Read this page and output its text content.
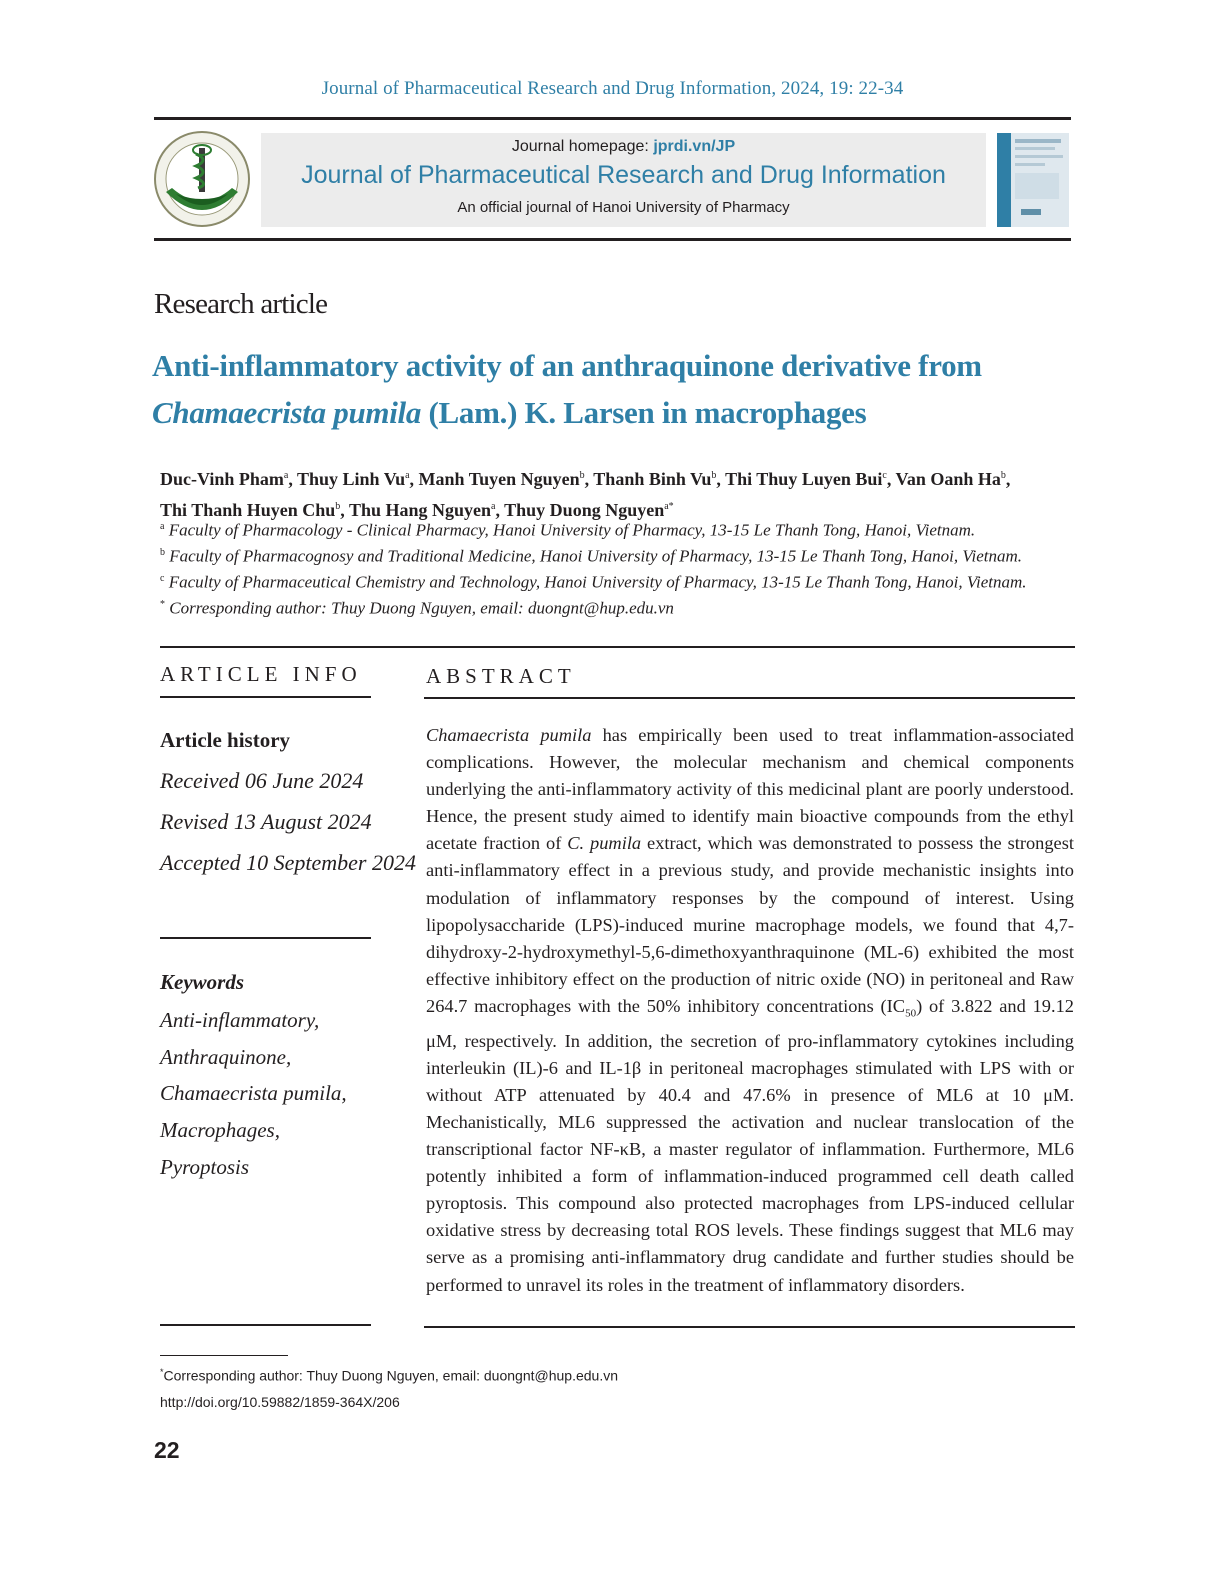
Journal of Pharmaceutical Research and Drug Information, 2024, 19: 22-34
Journal homepage: jprdi.vn/JP
Journal of Pharmaceutical Research and Drug Information
An official journal of Hanoi University of Pharmacy
Research article
Anti-inflammatory activity of an anthraquinone derivative from
Chamaecrista pumila (Lam.) K. Larsen in macrophages
Duc-Vinh Pham$^a$, Thuy Linh Vu$^a$, Manh Tuyen Nguyen$^b$, Thanh Binh Vu$^b$, Thi Thuy Luyen Bui$^c$, Van Oanh Ha$^b$,
Thi Thanh Huyen Chu$^b$, Thu Hang Nguyen$^a$, Thuy Duong Nguyen$^{a*}$
$^a$ Faculty of Pharmacology - Clinical Pharmacy, Hanoi University of Pharmacy, 13-15 Le Thanh Tong, Hanoi, Vietnam.
$^b$ Faculty of Pharmacognosy and Traditional Medicine, Hanoi University of Pharmacy, 13-15 Le Thanh Tong, Hanoi, Vietnam.
$^c$ Faculty of Pharmaceutical Chemistry and Technology, Hanoi University of Pharmacy, 13-15 Le Thanh Tong, Hanoi, Vietnam.
* Corresponding author: Thuy Duong Nguyen, email: duongnt@hup.edu.vn
ARTICLE INFO	ABSTRACT
Article history
Received 06 June 2024
Revised 13 August 2024
Accepted 10 September 2024
Keywords
Anti-inflammatory,
Anthraquinone,
Chamaecrista pumila,
Macrophages,
Pyroptosis
Chamaecrista pumila has empirically been used to treat inflammation-associated complications. However, the molecular mechanism and chemical components underlying the anti-inflammatory activity of this medicinal plant are poorly understood. Hence, the present study aimed to identify main bioactive compounds from the ethyl acetate fraction of C. pumila extract, which was demonstrated to possess the strongest anti-inflammatory effect in a previous study, and provide mechanistic insights into modulation of inflammatory responses by the compound of interest. Using lipopolysaccharide (LPS)-induced murine macrophage models, we found that 4,7-dihydroxy-2-hydroxymethyl-5,6-dimethoxyanthraquinone (ML-6) exhibited the most effective inhibitory effect on the production of nitric oxide (NO) in peritoneal and Raw 264.7 macrophages with the 50% inhibitory concentrations $(IC_{50})$ of 3.822 and 19.12 μM, respectively. In addition, the secretion of pro-inflammatory cytokines including interleukin (IL)-6 and IL-1β in peritoneal macrophages stimulated with LPS with or without ATP attenuated by 40.4 and 47.6% in presence of ML6 at 10 μM. Mechanistically, ML6 suppressed the activation and nuclear translocation of the transcriptional factor NF-κB, a master regulator of inflammation. Furthermore, ML6 potently inhibited a form of inflammation-induced programmed cell death called pyroptosis. This compound also protected macrophages from LPS-induced cellular oxidative stress by decreasing total ROS levels. These findings suggest that ML6 may serve as a promising anti-inflammatory drug candidate and further studies should be performed to unravel its roles in the treatment of inflammatory disorders.
*Corresponding author: Thuy Duong Nguyen, email: duongnt@hup.edu.vn
http://doi.org/10.59882/1859-364X/206
22
